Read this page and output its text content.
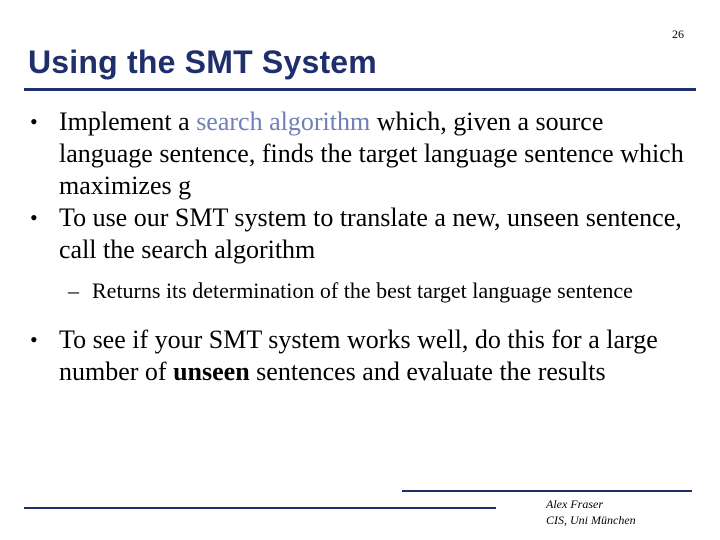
26
Using the SMT System
• Implement a search algorithm which, given a source language sentence, finds the target language sentence which maximizes g
• To use our SMT system to translate a new, unseen sentence, call the search algorithm
– Returns its determination of the best target language sentence
• To see if your SMT system works well, do this for a large number of unseen sentences and evaluate the results
Alex Fraser
CIS, Uni München
